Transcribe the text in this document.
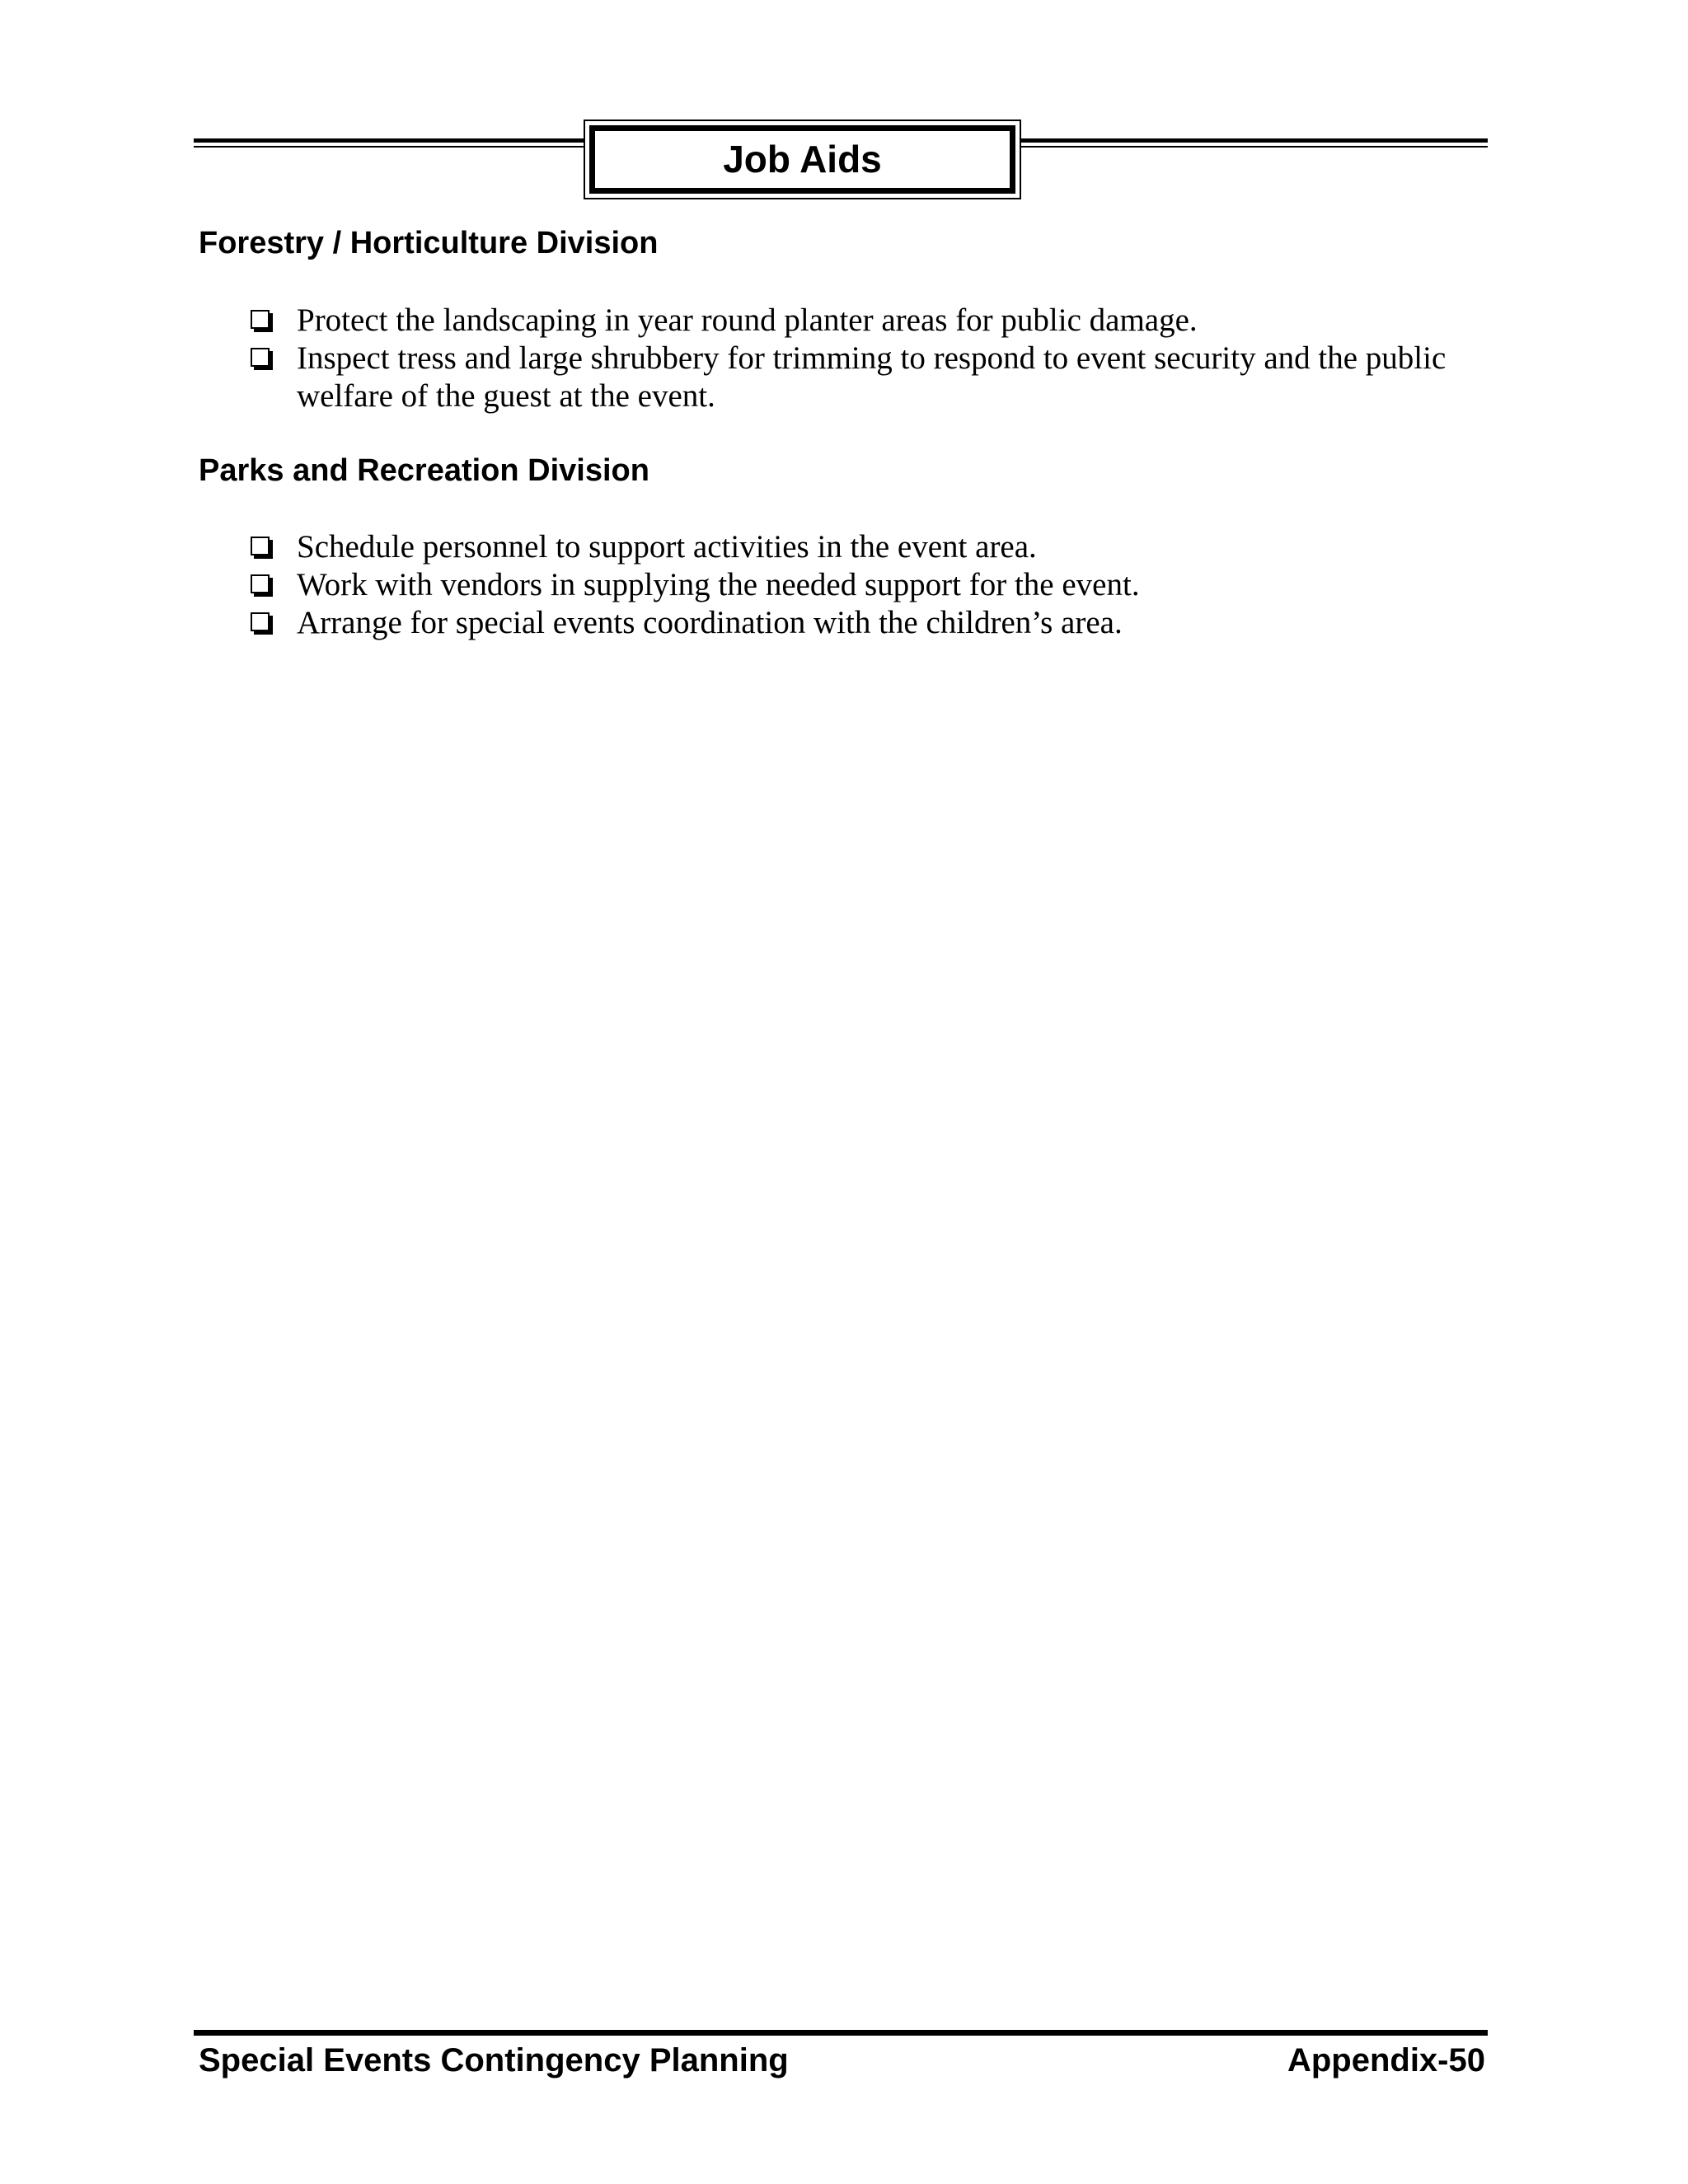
Job Aids
Forestry / Horticulture Division
Protect the landscaping in year round planter areas for public damage.
Inspect tress and large shrubbery for trimming to respond to event security and the public welfare of the guest at the event.
Parks and Recreation Division
Schedule personnel to support activities in the event area.
Work with vendors in supplying the needed support for the event.
Arrange for special events coordination with the children’s area.
Special Events Contingency Planning	Appendix-50
